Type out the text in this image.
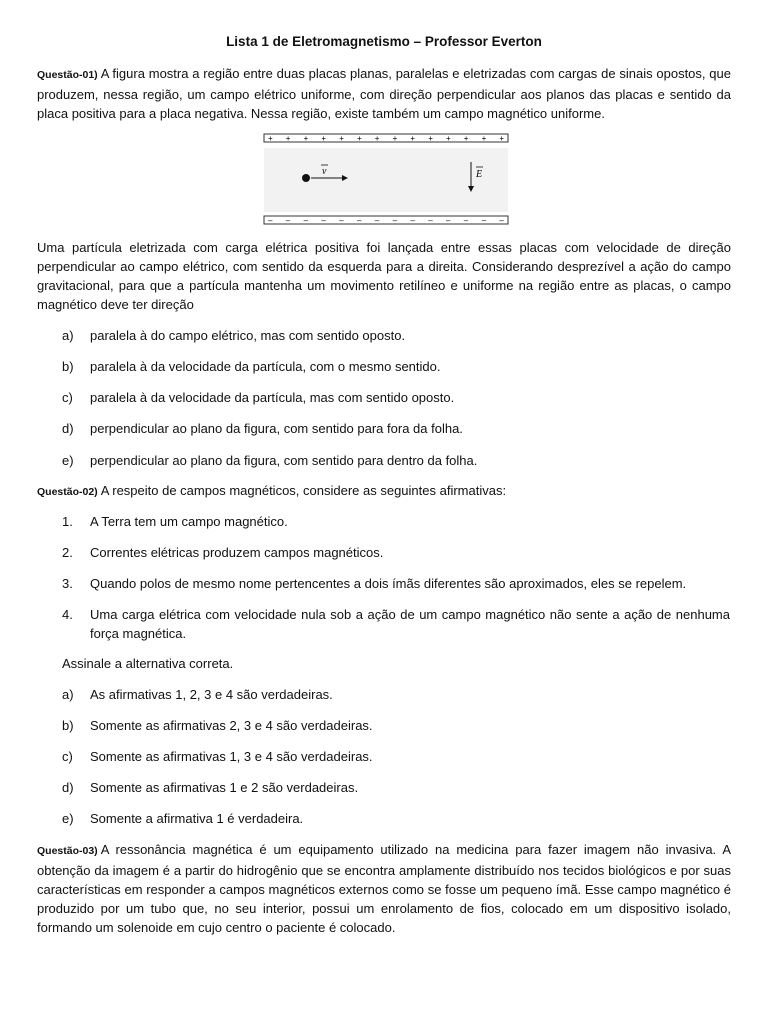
Lista 1 de Eletromagnetismo – Professor Everton

Questão-01) A figura mostra a região entre duas placas planas, paralelas e eletrizadas com cargas de sinais opostos, que produzem, nessa região, um campo elétrico uniforme, com direção perpendicular aos planos das placas e sentido da placa positiva para a placa negativa. Nessa região, existe também um campo magnético uniforme.

+ + + + + + + + + + + + + +
– – – – – – – – – – – – – –
v	E

Uma partícula eletrizada com carga elétrica positiva foi lançada entre essas placas com velocidade de direção perpendicular ao campo elétrico, com sentido da esquerda para a direita. Considerando desprezível a ação do campo gravitacional, para que a partícula mantenha um movimento retilíneo e uniforme na região entre as placas, o campo magnético deve ter direção

a) paralela à do campo elétrico, mas com sentido oposto.
b) paralela à da velocidade da partícula, com o mesmo sentido.
c) paralela à da velocidade da partícula, mas com sentido oposto.
d) perpendicular ao plano da figura, com sentido para fora da folha.
e) perpendicular ao plano da figura, com sentido para dentro da folha.

Questão-02) A respeito de campos magnéticos, considere as seguintes afirmativas:

1. A Terra tem um campo magnético.
2. Correntes elétricas produzem campos magnéticos.
3. Quando polos de mesmo nome pertencentes a dois ímãs diferentes são aproximados, eles se repelem.
4. Uma carga elétrica com velocidade nula sob a ação de um campo magnético não sente a ação de nenhuma força magnética.
Assinale a alternativa correta.
a) As afirmativas 1, 2, 3 e 4 são verdadeiras.
b) Somente as afirmativas 2, 3 e 4 são verdadeiras.
c) Somente as afirmativas 1, 3 e 4 são verdadeiras.
d) Somente as afirmativas 1 e 2 são verdadeiras.
e) Somente a afirmativa 1 é verdadeira.

Questão-03) A ressonância magnética é um equipamento utilizado na medicina para fazer imagem não invasiva. A obtenção da imagem é a partir do hidrogênio que se encontra amplamente distribuído nos tecidos biológicos e por suas características em responder a campos magnéticos externos como se fosse um pequeno ímã. Esse campo magnético é produzido por um tubo que, no seu interior, possui um enrolamento de fios, colocado em um dispositivo isolado, formando um solenoide em cujo centro o paciente é colocado.
